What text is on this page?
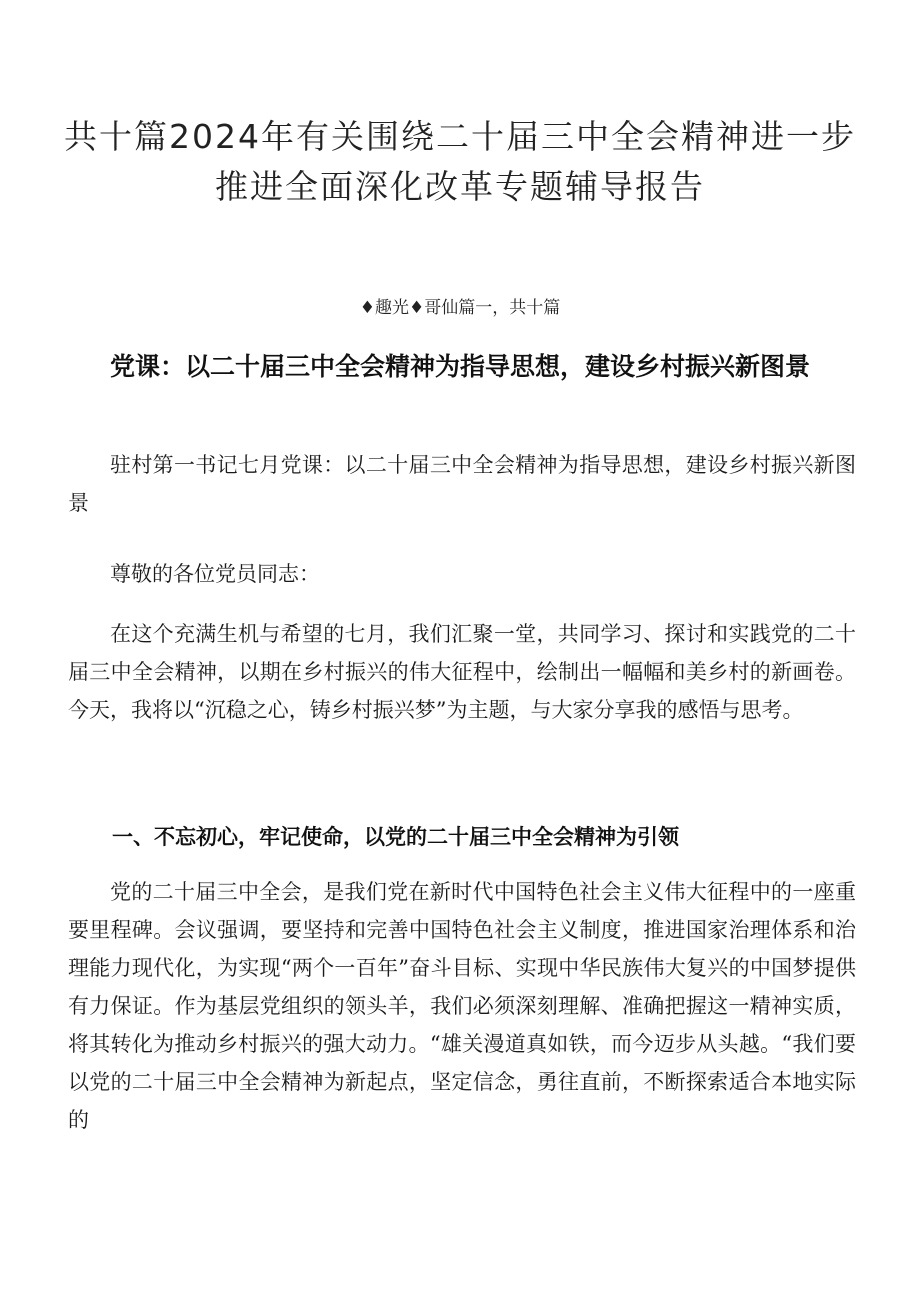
共十篇2024年有关围绕二十届三中全会精神进一步推进全面深化改革专题辅导报告
♦趣光♦哥仙篇一，共十篇
党课：以二十届三中全会精神为指导思想，建设乡村振兴新图景

驻村第一书记七月党课：以二十届三中全会精神为指导思想，建设乡村振兴新图景

尊敬的各位党员同志：

在这个充满生机与希望的七月，我们汇聚一堂，共同学习、探讨和实践党的二十届三中全会精神，以期在乡村振兴的伟大征程中，绘制出一幅幅和美乡村的新画卷。今天，我将以“沉稳之心，铸乡村振兴梦”为主题，与大家分享我的感悟与思考。

一、不忘初心，牢记使命，以党的二十届三中全会精神为引领

党的二十届三中全会，是我们党在新时代中国特色社会主义伟大征程中的一座重要里程碑。会议强调，要坚持和完善中国特色社会主义制度，推进国家治理体系和治理能力现代化，为实现“两个一百年”奋斗目标、实现中华民族伟大复兴的中国梦提供有力保证。作为基层党组织的领头羊，我们必须深刻理解、准确把握这一精神实质，将其转化为推动乡村振兴的强大动力。“雄关漫道真如铁，而今迈步从头越。“我们要以党的二十届三中全会精神为新起点，坚定信念，勇往直前，不断探索适合本地实际的
